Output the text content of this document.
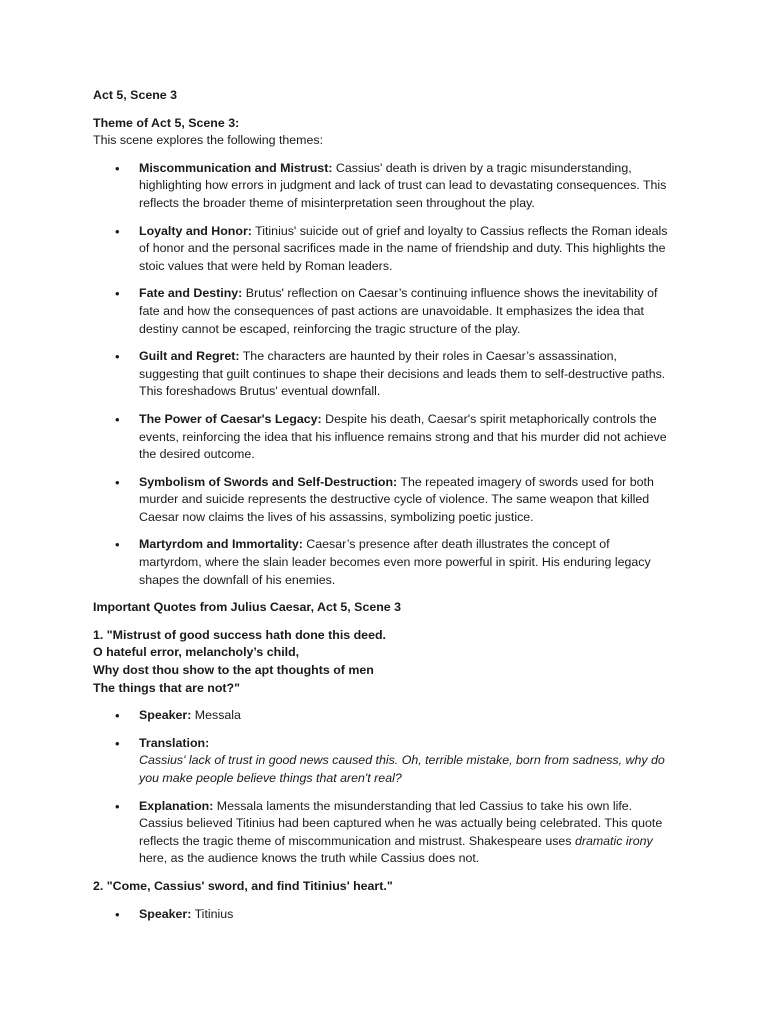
Act 5, Scene 3

Theme of Act 5, Scene 3:

This scene explores the following themes:

• Miscommunication and Mistrust: Cassius' death is driven by a tragic misunderstanding, highlighting how errors in judgment and lack of trust can lead to devastating consequences. This reflects the broader theme of misinterpretation seen throughout the play.
• Loyalty and Honor: Titinius' suicide out of grief and loyalty to Cassius reflects the Roman ideals of honor and the personal sacrifices made in the name of friendship and duty. This highlights the stoic values that were held by Roman leaders.
• Fate and Destiny: Brutus' reflection on Caesar’s continuing influence shows the inevitability of fate and how the consequences of past actions are unavoidable. It emphasizes the idea that destiny cannot be escaped, reinforcing the tragic structure of the play.
• Guilt and Regret: The characters are haunted by their roles in Caesar’s assassination, suggesting that guilt continues to shape their decisions and leads them to self-destructive paths. This foreshadows Brutus' eventual downfall.
• The Power of Caesar's Legacy: Despite his death, Caesar's spirit metaphorically controls the events, reinforcing the idea that his influence remains strong and that his murder did not achieve the desired outcome.
• Symbolism of Swords and Self-Destruction: The repeated imagery of swords used for both murder and suicide represents the destructive cycle of violence. The same weapon that killed Caesar now claims the lives of his assassins, symbolizing poetic justice.
• Martyrdom and Immortality: Caesar’s presence after death illustrates the concept of martyrdom, where the slain leader becomes even more powerful in spirit. His enduring legacy shapes the downfall of his enemies.

Important Quotes from Julius Caesar, Act 5, Scene 3

1. "Mistrust of good success hath done this deed.
O hateful error, melancholy’s child,
Why dost thou show to the apt thoughts of men
The things that are not?"

• Speaker: Messala
• Translation:
Cassius' lack of trust in good news caused this. Oh, terrible mistake, born from sadness, why do you make people believe things that aren't real?
• Explanation: Messala laments the misunderstanding that led Cassius to take his own life. Cassius believed Titinius had been captured when he was actually being celebrated. This quote reflects the tragic theme of miscommunication and mistrust. Shakespeare uses dramatic irony here, as the audience knows the truth while Cassius does not.

2. "Come, Cassius' sword, and find Titinius' heart."

• Speaker: Titinius
